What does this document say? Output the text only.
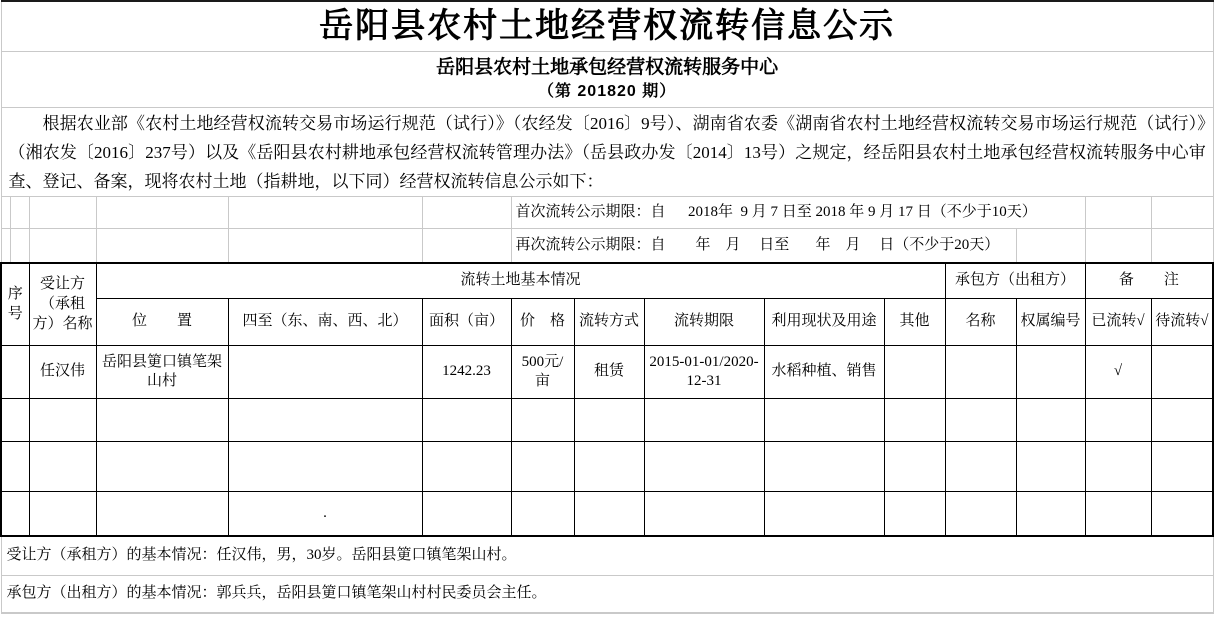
岳阳县农村土地经营权流转信息公示														

岳阳县农村土地承包经营权流转服务中心
（第 201820 期）														

根据农业部《农村土地经营权流转交易市场运行规范（试行）》（农经发〔2016〕9号）、湖南省农委《湖南省农村土地经营权流转交易市场运行规范（试行）》（湘农发〔2016〕237号）以及《岳阳县农村耕地承包经营权流转管理办法》（岳县政办发〔2014〕13号）之规定，经岳阳县农村土地承包经营权流转服务中心审查、登记、备案，现将农村土地（指耕地，以下同）经营权流转信息公示如下：														

						首次流转公示期限：自      2018年  9 月 7 日至 2018 年 9 月 17 日（不少于10天）								
						再次流转公示期限：自        年    月     日至       年    月     日（不少于20天）								
序号		受让方（承租方）名称	流转土地基本情况								承包方（出租方）		备　　注	
			位　　置	四至（东、南、西、北）	面积（亩）	价　格	流转方式	流转期限	利用现状及用途	其他	名称	权属编号	已流转√	待流转√
		任汉伟	岳阳县筻口镇笔架山村		1242.23	500元/亩	租赁	2015-01-01/2020-12-31	水稻种植、销售				√	

				.										
受让方（承租方）的基本情况：任汉伟，男，30岁。岳阳县筻口镇笔架山村。														
承包方（出租方）的基本情况：郭兵兵，岳阳县筻口镇笔架山村村民委员会主任。														
